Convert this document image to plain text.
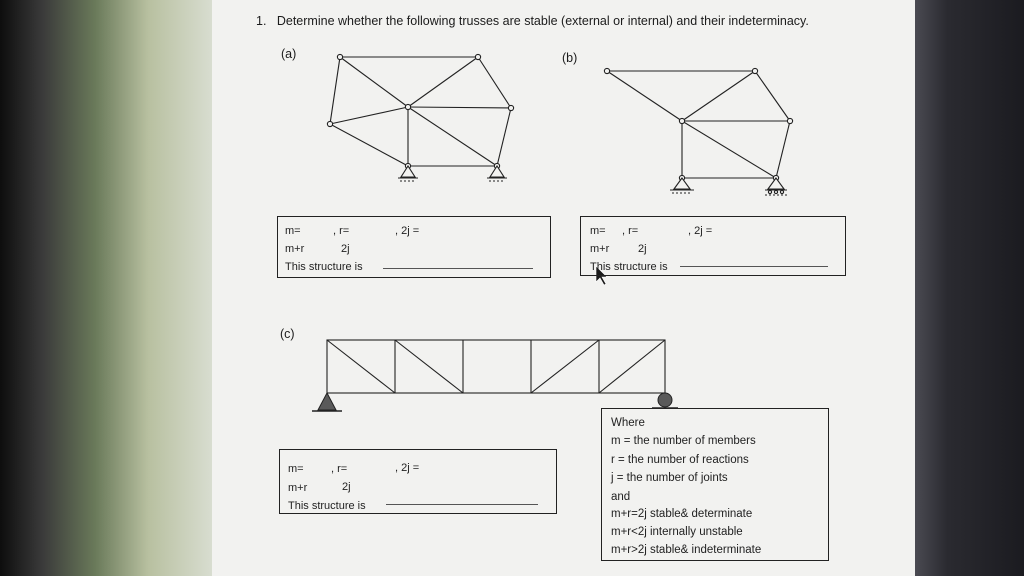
1. Determine whether the following trusses are stable (external or internal) and their indeterminacy.
(a)	(b)
(c)
m=	, r=	, 2j =
m+r	2j
This structure is
m= , r=	, 2j =
m+r	2j
This structure is
m= , r=	, 2j =
m+r	2j
This structure is
Where
m = the number of members
r = the number of reactions
j = the number of joints
and
m+r=2j stable& determinate
m+r<2j internally unstable
m+r>2j stable& indeterminate
